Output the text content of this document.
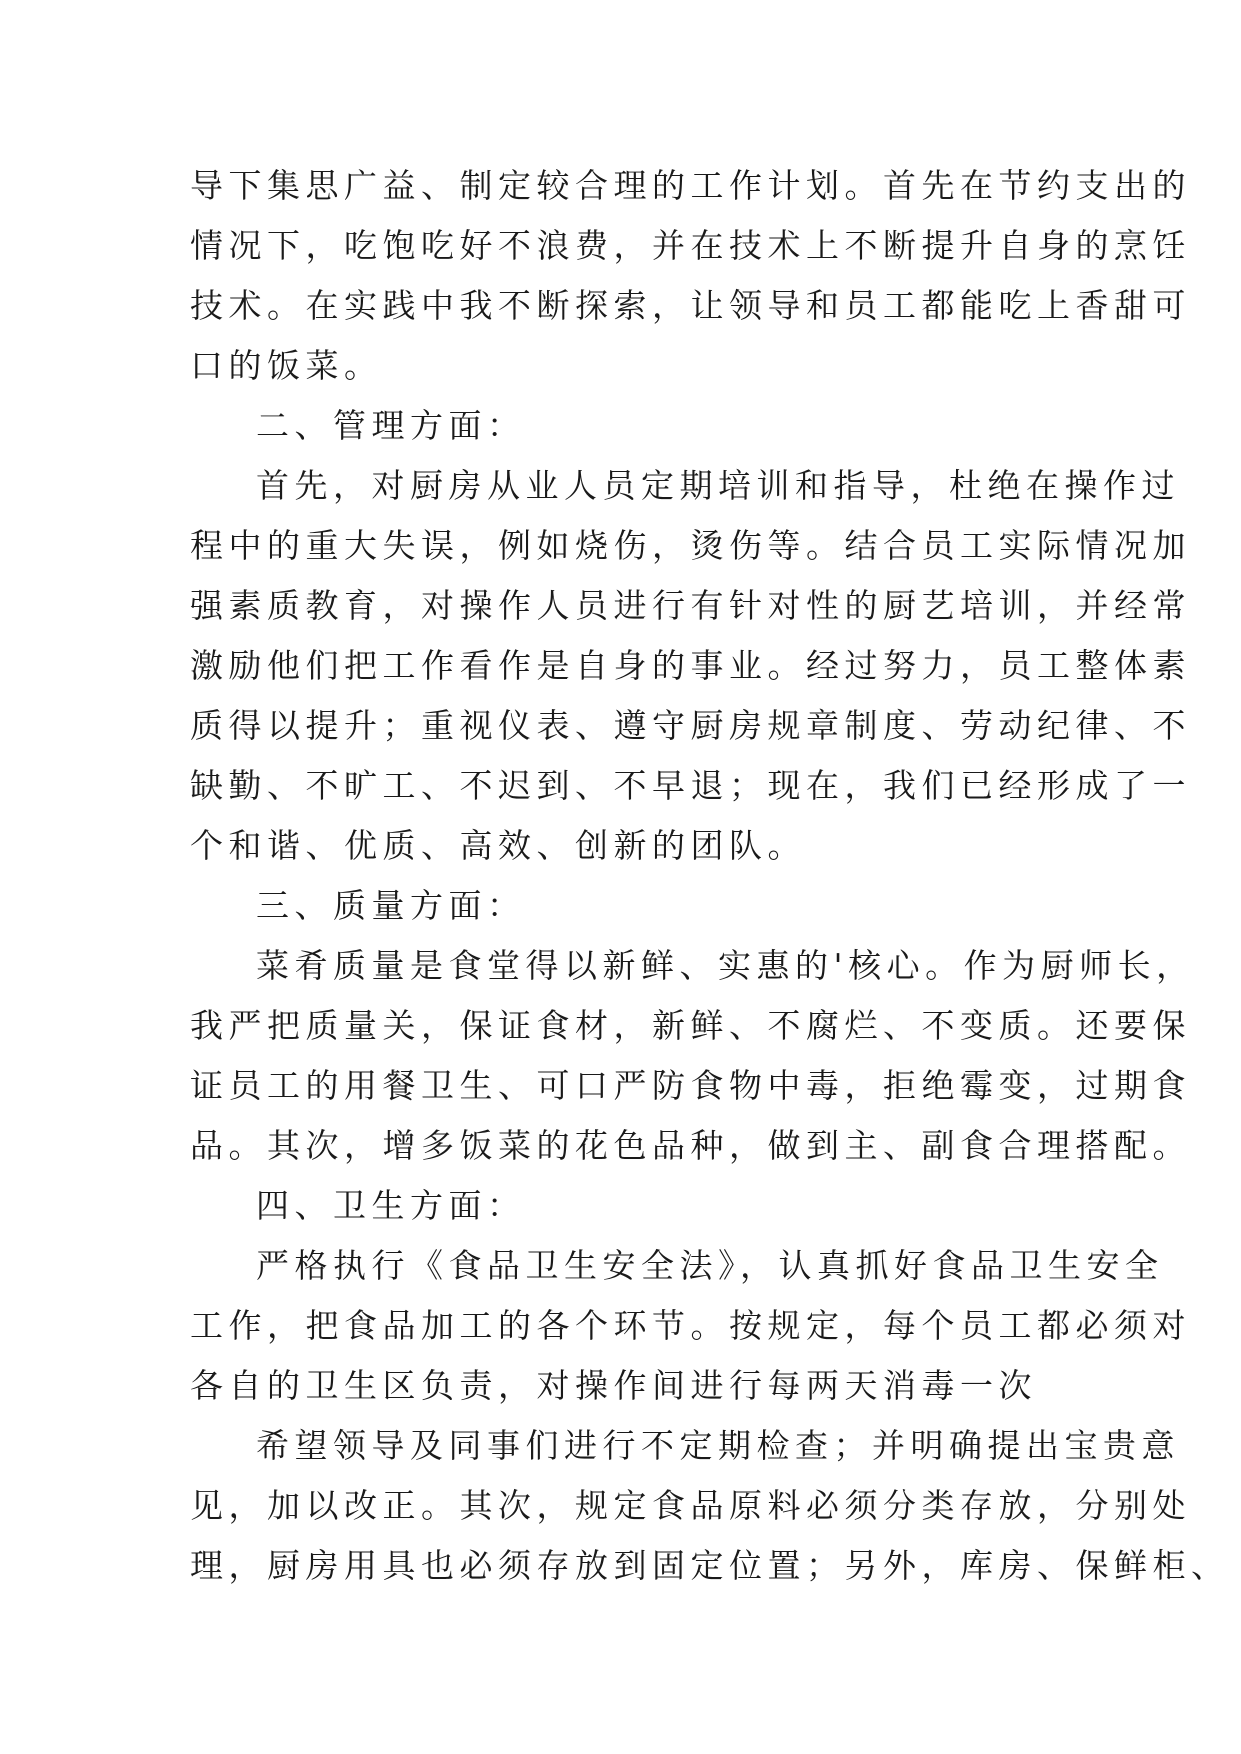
导下集思广益、制定较合理的工作计划。首先在节约支出的
情况下，吃饱吃好不浪费，并在技术上不断提升自身的烹饪
技术。在实践中我不断探索，让领导和员工都能吃上香甜可
口的饭菜。
二、管理方面：
首先，对厨房从业人员定期培训和指导，杜绝在操作过
程中的重大失误，例如烧伤，烫伤等。结合员工实际情况加
强素质教育，对操作人员进行有针对性的厨艺培训，并经常
激励他们把工作看作是自身的事业。经过努力，员工整体素
质得以提升；重视仪表、遵守厨房规章制度、劳动纪律、不
缺勤、不旷工、不迟到、不早退；现在，我们已经形成了一
个和谐、优质、高效、创新的团队。
三、质量方面：
菜肴质量是食堂得以新鲜、实惠的'核心。作为厨师长，
我严把质量关，保证食材，新鲜、不腐烂、不变质。还要保
证员工的用餐卫生、可口严防食物中毒，拒绝霉变，过期食
品。其次，增多饭菜的花色品种，做到主、副食合理搭配。
四、卫生方面：
严格执行《食品卫生安全法》，认真抓好食品卫生安全
工作，把食品加工的各个环节。按规定，每个员工都必须对
各自的卫生区负责，对操作间进行每两天消毒一次
希望领导及同事们进行不定期检查；并明确提出宝贵意
见，加以改正。其次，规定食品原料必须分类存放，分别处
理，厨房用具也必须存放到固定位置；另外，库房、保鲜柜、
